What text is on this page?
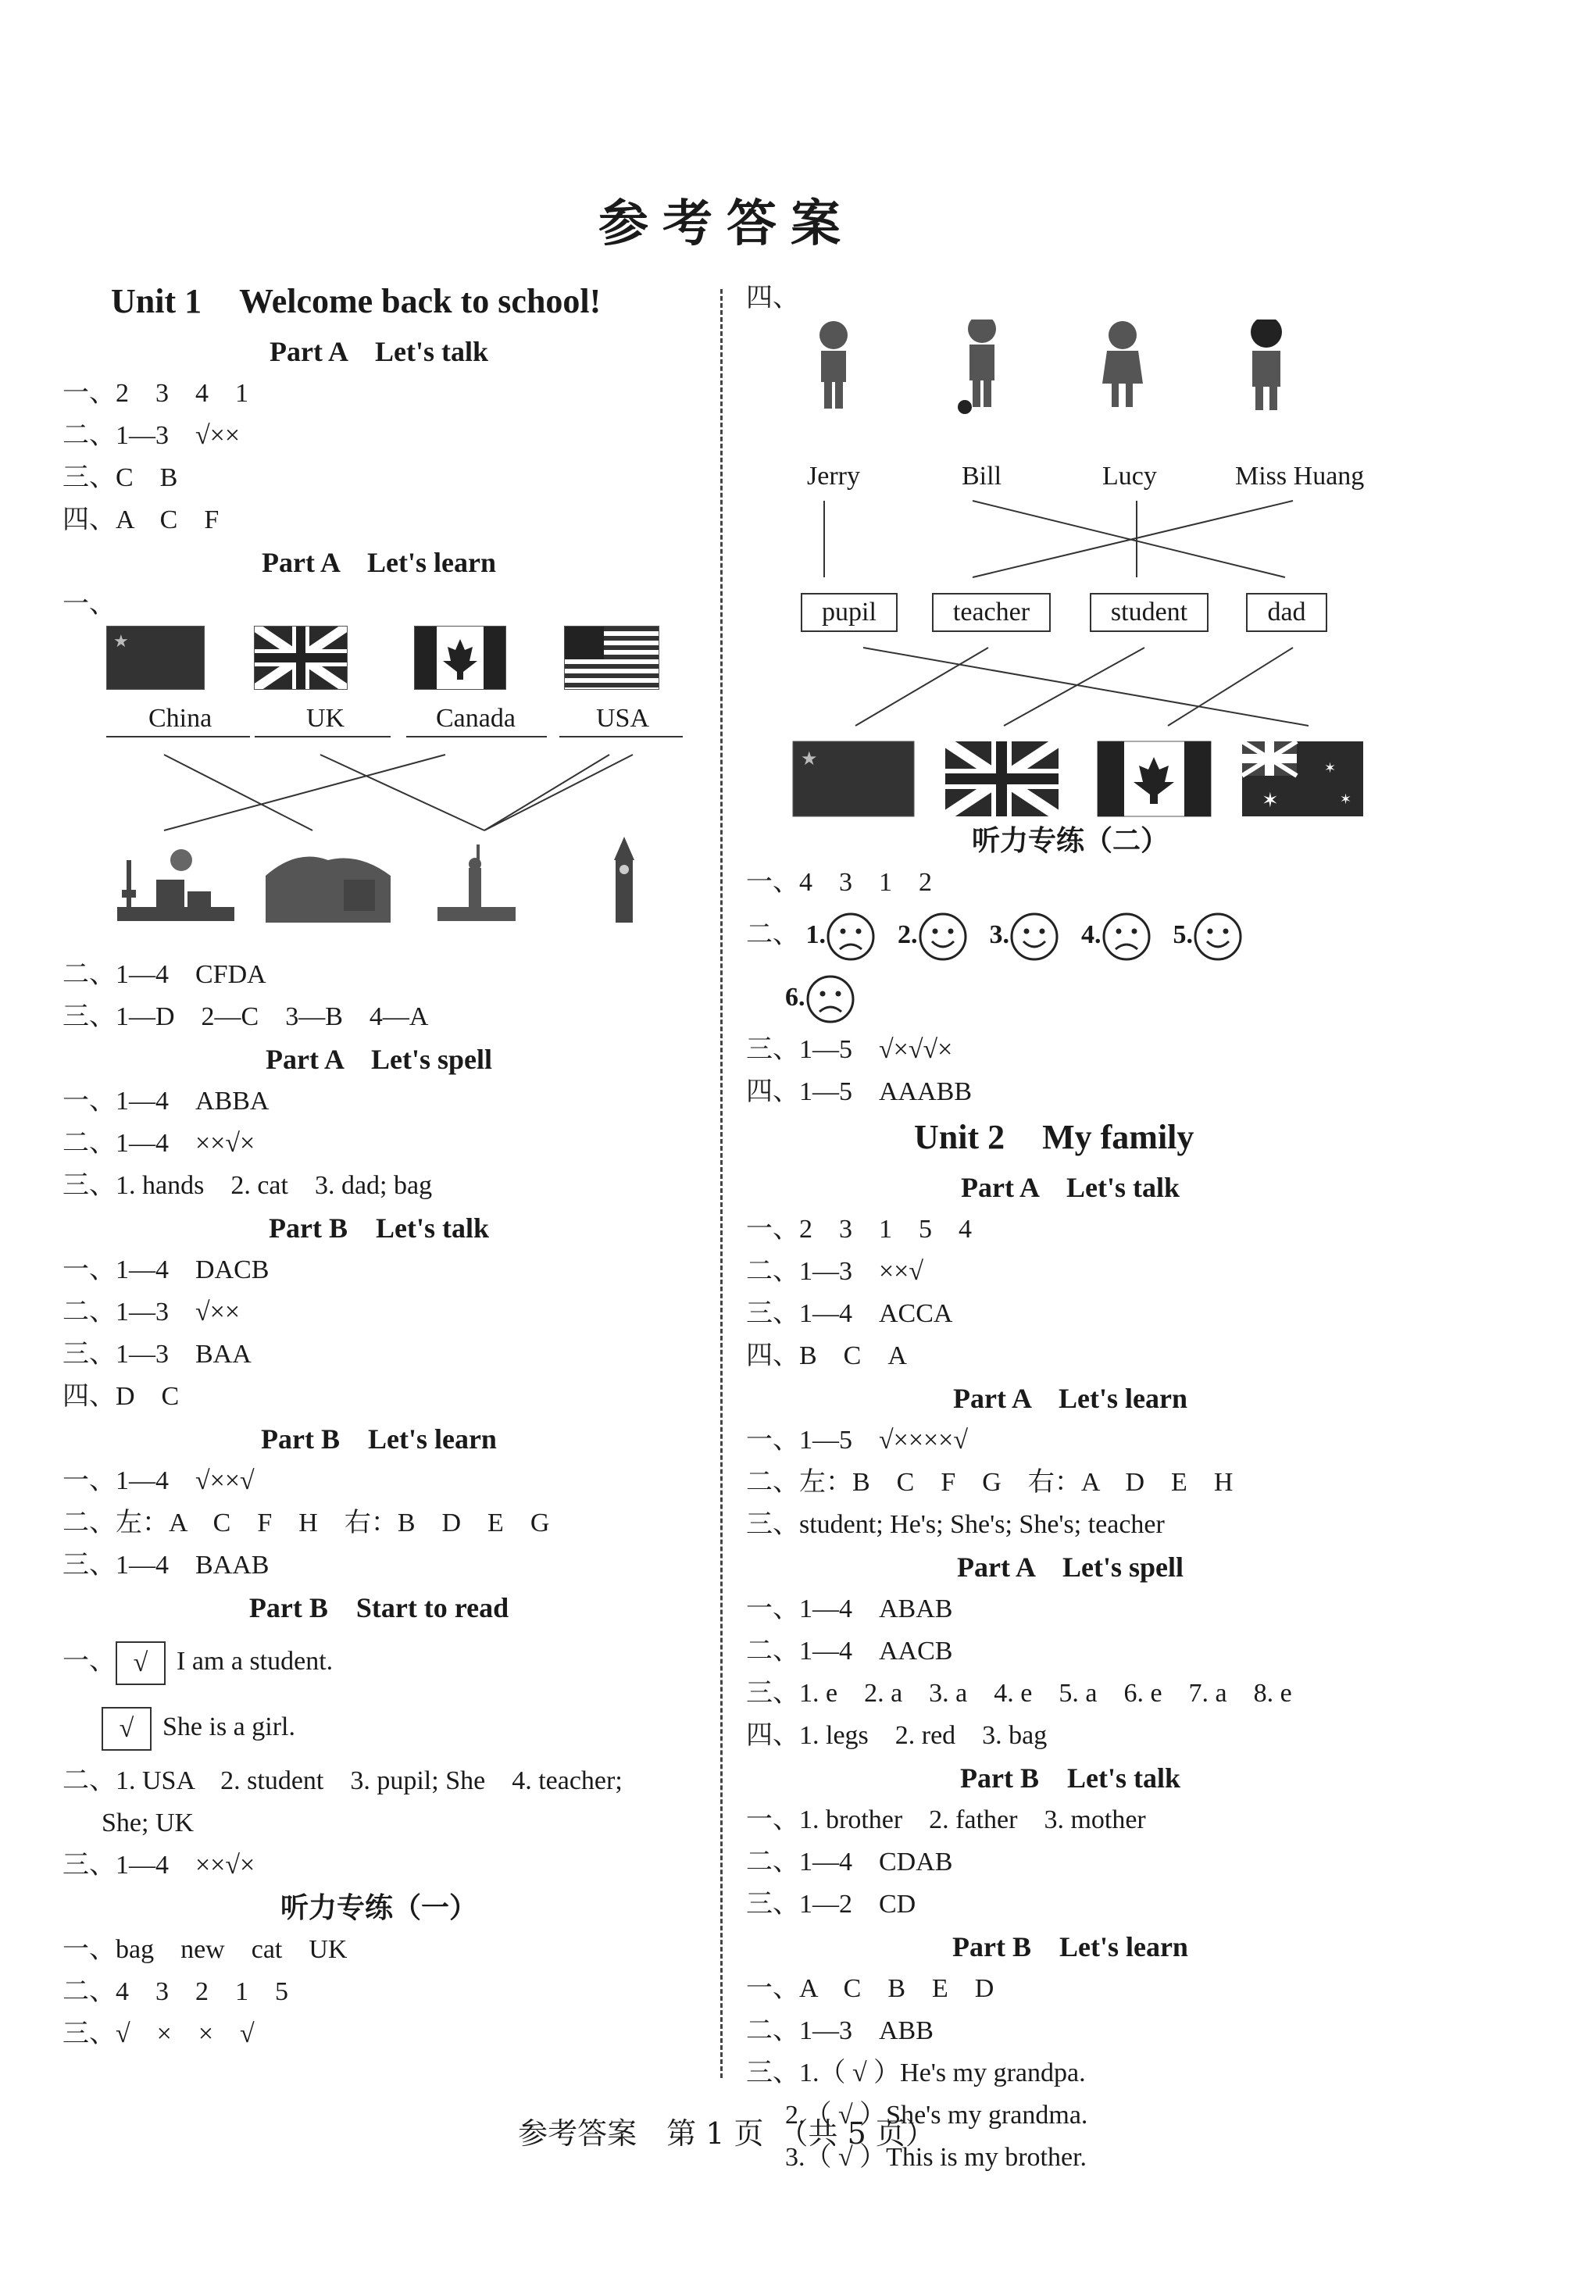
参考答案
Unit 1 Welcome back to school!
Part A　Let's talk
一、2　3　4　1
二、1—3　√××
三、C　B
四、A　C　F
Part A　Let's learn
一、
★
China	UK	Canada	USA
二、1—4　CFDA
三、1—D　2—C　3—B　4—A
Part A　Let's spell
一、1—4　ABBA
二、1—4　××√×
三、1. hands　2. cat　3. dad; bag
Part B　Let's talk
一、1—4　DACB
二、1—3　√××
三、1—3　BAA
四、D　C
Part B　Let's learn
一、1—4　√××√
二、左：A　C　F　H　右：B　D　E　G
三、1—4　BAAB
Part B　Start to read
一、 √ I am a student.
√ She is a girl.
二、1. USA　2. student　3. pupil; She　4. teacher;
She; UK
三、1—4　××√×
听力专练（一）
一、bag　new　cat　UK
二、4　3　2　1　5
三、√　×　×　√
四、
★
✶
✶
✶
Jerry	Bill	Lucy	Miss Huang
pupil	teacher	student	dad
听力专练（二）
一、4　3　1　2
二、 1.	2.	3.	4.	5.
6.
三、1—5　√×√√×
四、1—5　AAABB
Unit 2 My family
Part A　Let's talk
一、2　3　1　5　4
二、1—3　××√
三、1—4　ACCA
四、B　C　A
Part A　Let's learn
一、1—5　√××××√
二、左：B　C　F　G　右：A　D　E　H
三、student; He's; She's; She's; teacher
Part A　Let's spell
一、1—4　ABAB
二、1—4　AACB
三、1. e　2. a　3. a　4. e　5. a　6. e　7. a　8. e
四、1. legs　2. red　3. bag
Part B　Let's talk
一、1. brother　2. father　3. mother
二、1—4　CDAB
三、1—2　CD
Part B　Let's learn
一、A　C　B　E　D
二、1—3　ABB
三、1.（ √ ）He's my grandpa.
2.（ √ ）She's my grandma.
3.（ √ ）This is my brother.
参考答案　第 1 页　（共 5 页）
